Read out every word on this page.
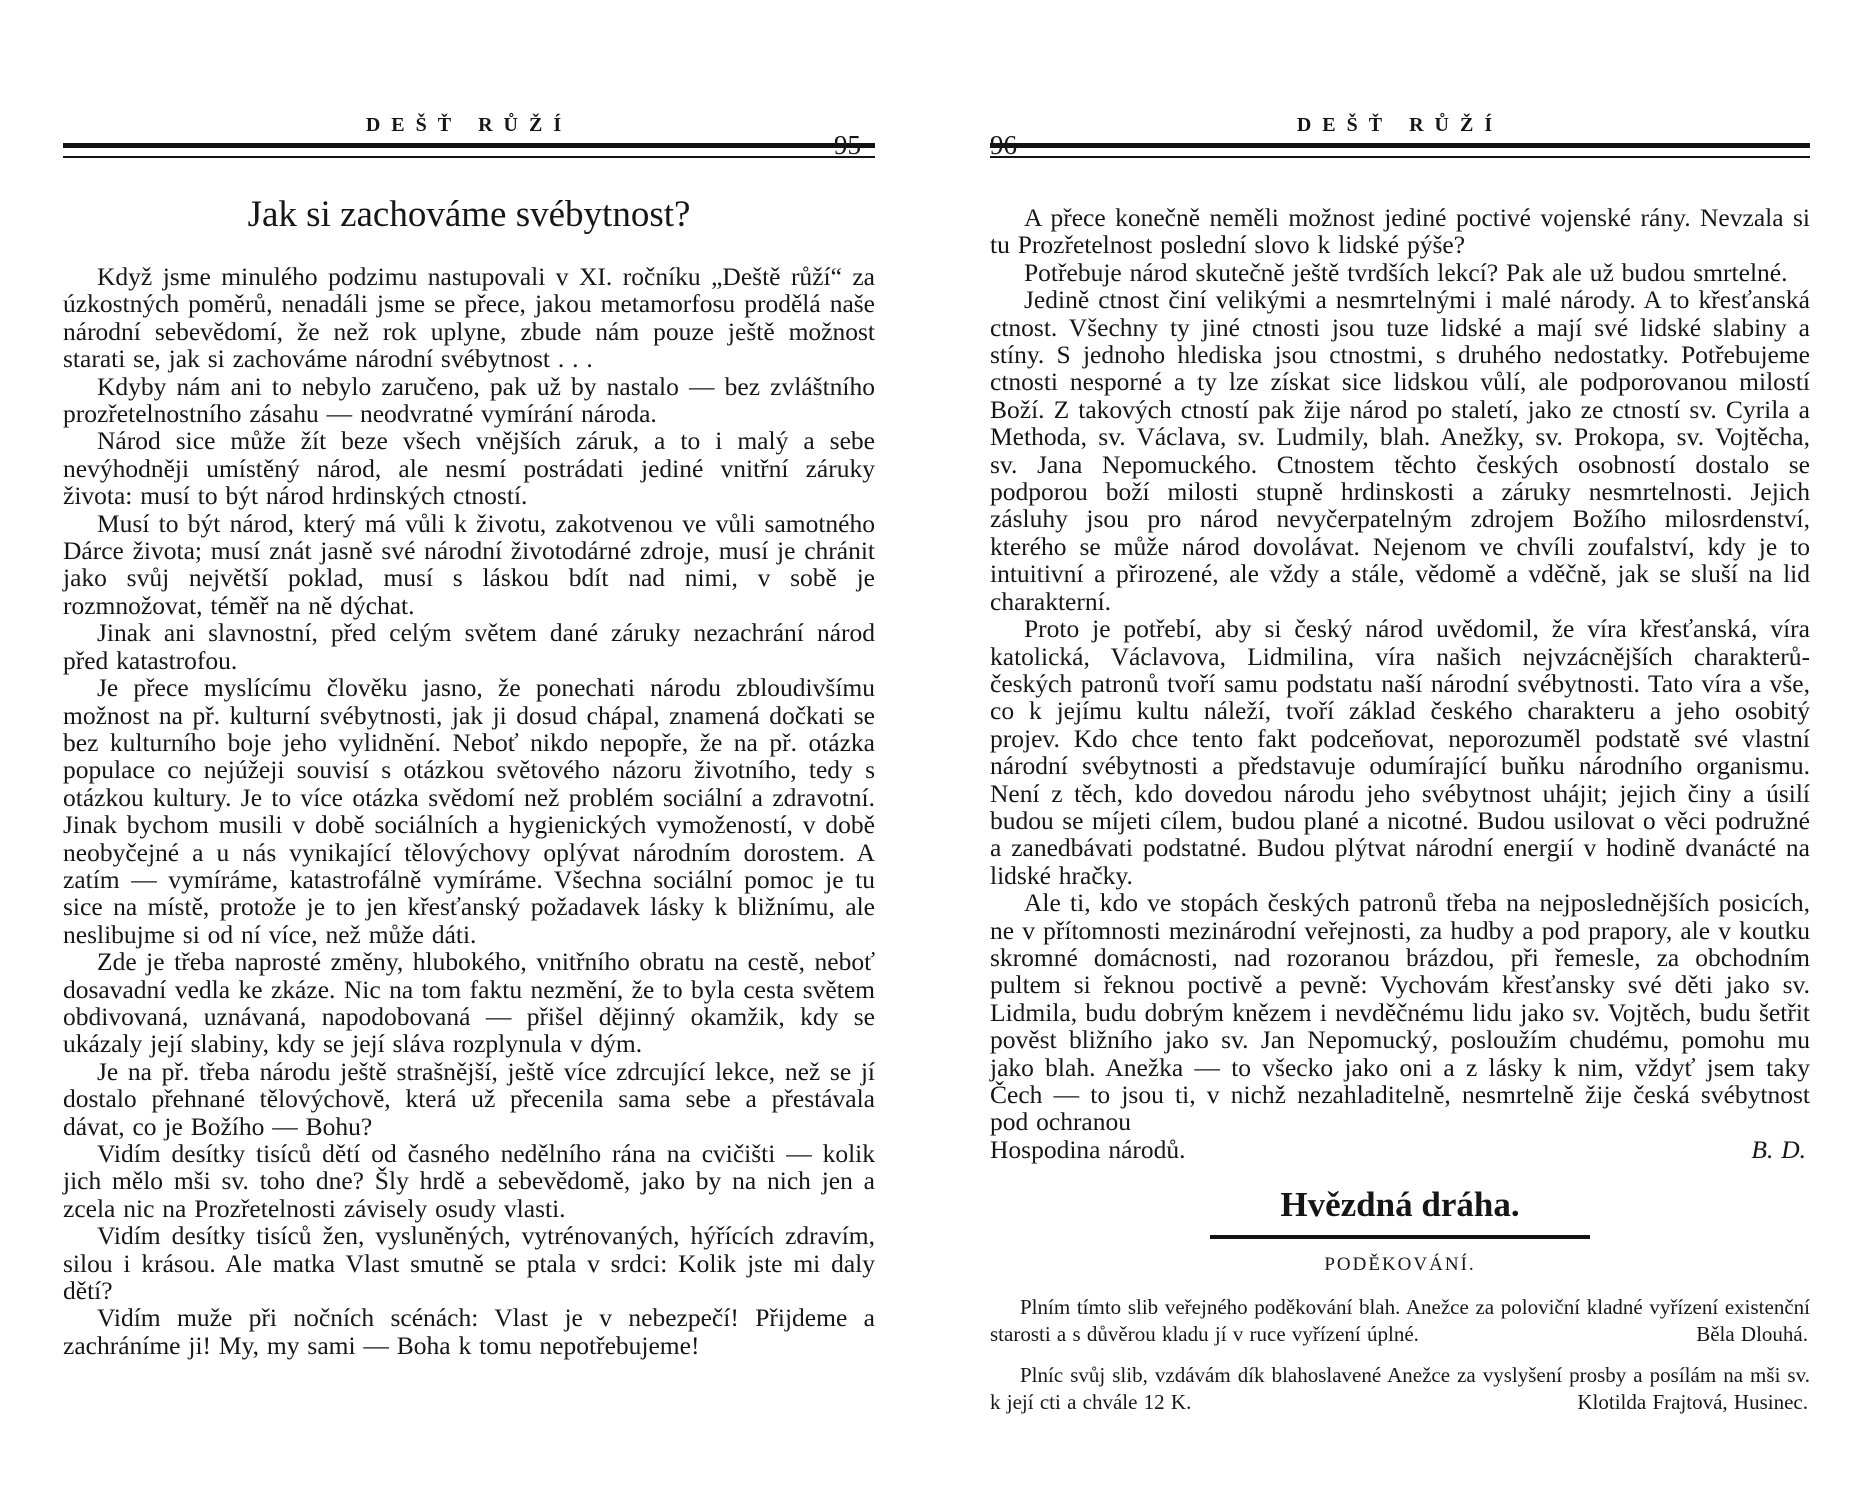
DEŠŤ RŮŽÍ
95
Jak si zachováme svébytnost?

Když jsme minulého podzimu nastupovali v XI. ročníku „Deště růží“ za úzkostných poměrů, nenadáli jsme se přece, jakou metamorfosu prodělá naše národní sebevědomí, že než rok uplyne, zbude nám pouze ještě možnost starati se, jak si zachováme národní svébytnost . . .

Kdyby nám ani to nebylo zaručeno, pak už by nastalo — bez zvláštního prozřetelnostního zásahu — neodvratné vymírání národa.

Národ sice může žít beze všech vnějších záruk, a to i malý a sebe nevýhodněji umístěný národ, ale nesmí postrádati jediné vnitřní záruky života: musí to být národ hrdinských ctností.

Musí to být národ, který má vůli k životu, zakotvenou ve vůli samotného Dárce života; musí znát jasně své národní životodárné zdroje, musí je chránit jako svůj největší poklad, musí s láskou bdít nad nimi, v sobě je rozmnožovat, téměř na ně dýchat.

Jinak ani slavnostní, před celým světem dané záruky nezachrání národ před katastrofou.

Je přece myslícímu člověku jasno, že ponechati národu zbloudivšímu možnost na př. kulturní svébytnosti, jak ji dosud chápal, znamená dočkati se bez kulturního boje jeho vylidnění. Neboť nikdo nepopře, že na př. otázka populace co nejúžeji souvisí s otázkou světového názoru životního, tedy s otázkou kultury. Je to více otázka svědomí než problém sociální a zdravotní. Jinak bychom musili v době sociálních a hygienických vymožeností, v době neobyčejné a u nás vynikající tělovýchovy oplývat národním dorostem. A zatím — vymíráme, katastrofálně vymíráme. Všechna sociální pomoc je tu sice na místě, protože je to jen křesťanský požadavek lásky k bližnímu, ale neslibujme si od ní více, než může dáti.

Zde je třeba naprosté změny, hlubokého, vnitřního obratu na cestě, neboť dosavadní vedla ke zkáze. Nic na tom faktu nezmění, že to byla cesta světem obdivovaná, uznávaná, napodobovaná — přišel dějinný okamžik, kdy se ukázaly její slabiny, kdy se její sláva rozplynula v dým.

Je na př. třeba národu ještě strašnější, ještě více zdrcující lekce, než se jí dostalo přehnané tělovýchově, která už přecenila sama sebe a přestávala dávat, co je Božího — Bohu?

Vidím desítky tisíců dětí od časného nedělního rána na cvičišti — kolik jich mělo mši sv. toho dne? Šly hrdě a sebevědomě, jako by na nich jen a zcela nic na Prozřetelnosti závisely osudy vlasti.

Vidím desítky tisíců žen, vysluněných, vytrénovaných, hýřících zdravím, silou i krásou. Ale matka Vlast smutně se ptala v srdci: Kolik jste mi daly dětí?

Vidím muže při nočních scénách: Vlast je v nebezpečí! Přijdeme a zachráníme ji! My, my sami — Boha k tomu nepotřebujeme!

DEŠŤ RŮŽÍ
96

A přece konečně neměli možnost jediné poctivé vojenské rány. Nevzala si tu Prozřetelnost poslední slovo k lidské pýše?

Potřebuje národ skutečně ještě tvrdších lekcí? Pak ale už budou smrtelné.

Jedině ctnost činí velikými a nesmrtelnými i malé národy. A to křesťanská ctnost. Všechny ty jiné ctnosti jsou tuze lidské a mají své lidské slabiny a stíny. S jednoho hlediska jsou ctnostmi, s druhého nedostatky. Potřebujeme ctnosti nesporné a ty lze získat sice lidskou vůlí, ale podporovanou milostí Boží. Z takových ctností pak žije národ po staletí, jako ze ctností sv. Cyrila a Methoda, sv. Václava, sv. Ludmily, blah. Anežky, sv. Prokopa, sv. Vojtěcha, sv. Jana Nepomuckého. Ctnostem těchto českých osobností dostalo se podporou boží milosti stupně hrdinskosti a záruky nesmrtelnosti. Jejich zásluhy jsou pro národ nevyčerpatelným zdrojem Božího milosrdenství, kterého se může národ dovolávat. Nejenom ve chvíli zoufalství, kdy je to intuitivní a přirozené, ale vždy a stále, vědomě a vděčně, jak se sluší na lid charakterní.

Proto je potřebí, aby si český národ uvědomil, že víra křesťanská, víra katolická, Václavova, Lidmilina, víra našich nejvzácnějších charakterů-českých patronů tvoří samu podstatu naší národní svébytnosti. Tato víra a vše, co k jejímu kultu náleží, tvoří základ českého charakteru a jeho osobitý projev. Kdo chce tento fakt podceňovat, neporozuměl podstatě své vlastní národní svébytnosti a představuje odumírající buňku národního organismu. Není z těch, kdo dovedou národu jeho svébytnost uhájit; jejich činy a úsilí budou se míjeti cílem, budou plané a nicotné. Budou usilovat o věci podružné a zanedbávati podstatné. Budou plýtvat národní energií v hodině dvanácté na lidské hračky.

Ale ti, kdo ve stopách českých patronů třeba na nejposlednějších posicích, ne v přítomnosti mezinárodní veřejnosti, za hudby a pod prapory, ale v koutku skromné domácnosti, nad rozoranou brázdou, při řemesle, za obchodním pultem si řeknou poctivě a pevně: Vychovám křesťansky své děti jako sv. Lidmila, budu dobrým knězem i nevděčnému lidu jako sv. Vojtěch, budu šetřit pověst bližního jako sv. Jan Nepomucký, posloužím chudému, pomohu mu jako blah. Anežka — to všecko jako oni a z lásky k nim, vždyť jsem taky Čech — to jsou ti, v nichž nezahladitelně, nesmrtelně žije česká svébytnost pod ochranou

Hospodina národů.	B. D.
Hvězdná dráha.
PODĚKOVÁNÍ.

Plním tímto slib veřejného poděkování blah. Anežce za poloviční kladné vyřízení existenční starosti a s důvěrou kladu jí v ruce vyřízení úplné.	Běla Dlouhá.

Plníc svůj slib, vzdávám dík blahoslavené Anežce za vyslyšení prosby a posílám na mši sv. k její cti a chvále 12 K.	Klotilda Frajtová, Husinec.
